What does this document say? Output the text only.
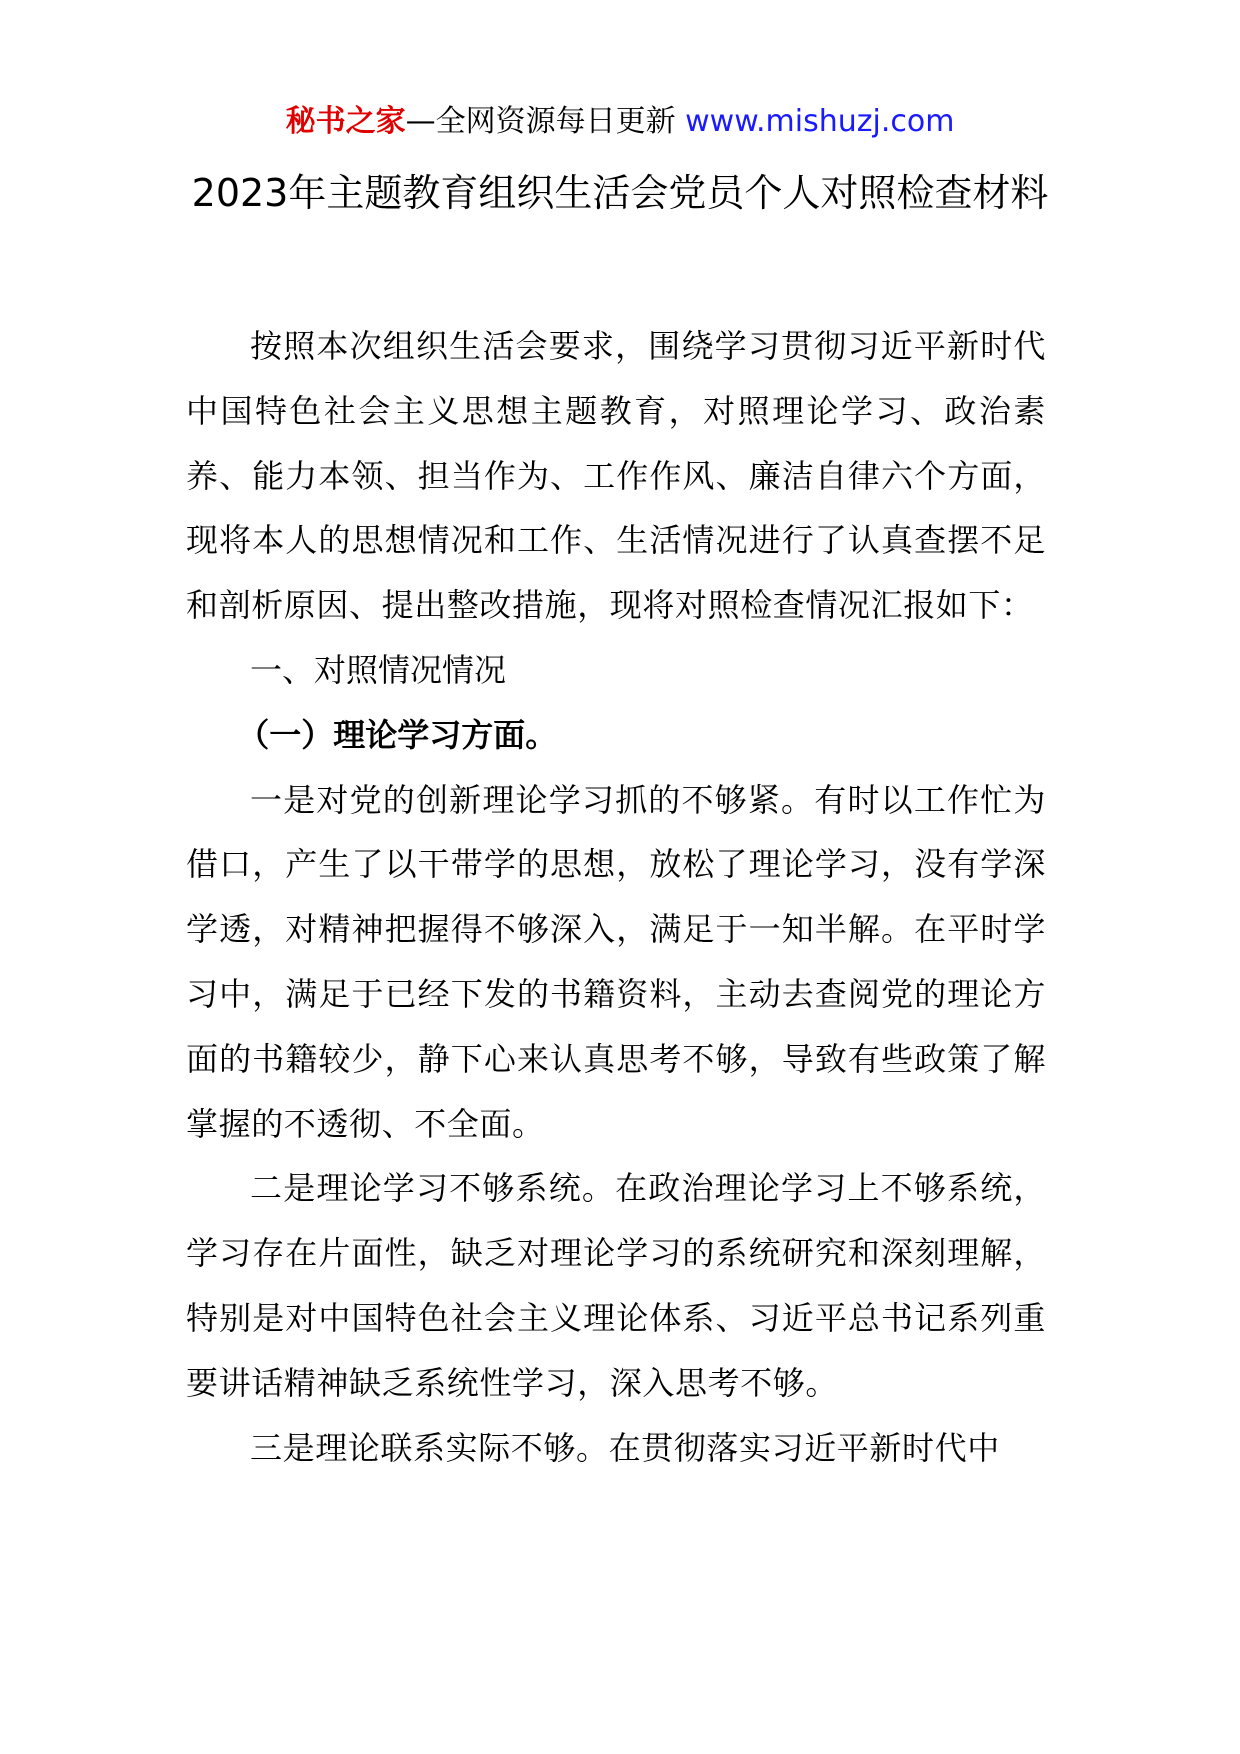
秘书之家—全网资源每日更新 www.mishuzj.com
2023年主题教育组织生活会党员个人对照检查材料

按照本次组织生活会要求，围绕学习贯彻习近平新时代中国特色社会主义思想主题教育，对照理论学习、政治素养、能力本领、担当作为、工作作风、廉洁自律六个方面，现将本人的思想情况和工作、生活情况进行了认真查摆不足和剖析原因、提出整改措施，现将对照检查情况汇报如下：

一、对照情况情况

（一）理论学习方面。

一是对党的创新理论学习抓的不够紧。有时以工作忙为借口，产生了以干带学的思想，放松了理论学习，没有学深学透，对精神把握得不够深入，满足于一知半解。在平时学习中，满足于已经下发的书籍资料，主动去查阅党的理论方面的书籍较少，静下心来认真思考不够，导致有些政策了解掌握的不透彻、不全面。

二是理论学习不够系统。在政治理论学习上不够系统，学习存在片面性，缺乏对理论学习的系统研究和深刻理解，特别是对中国特色社会主义理论体系、习近平总书记系列重要讲话精神缺乏系统性学习，深入思考不够。

三是理论联系实际不够。在贯彻落实习近平新时代中
